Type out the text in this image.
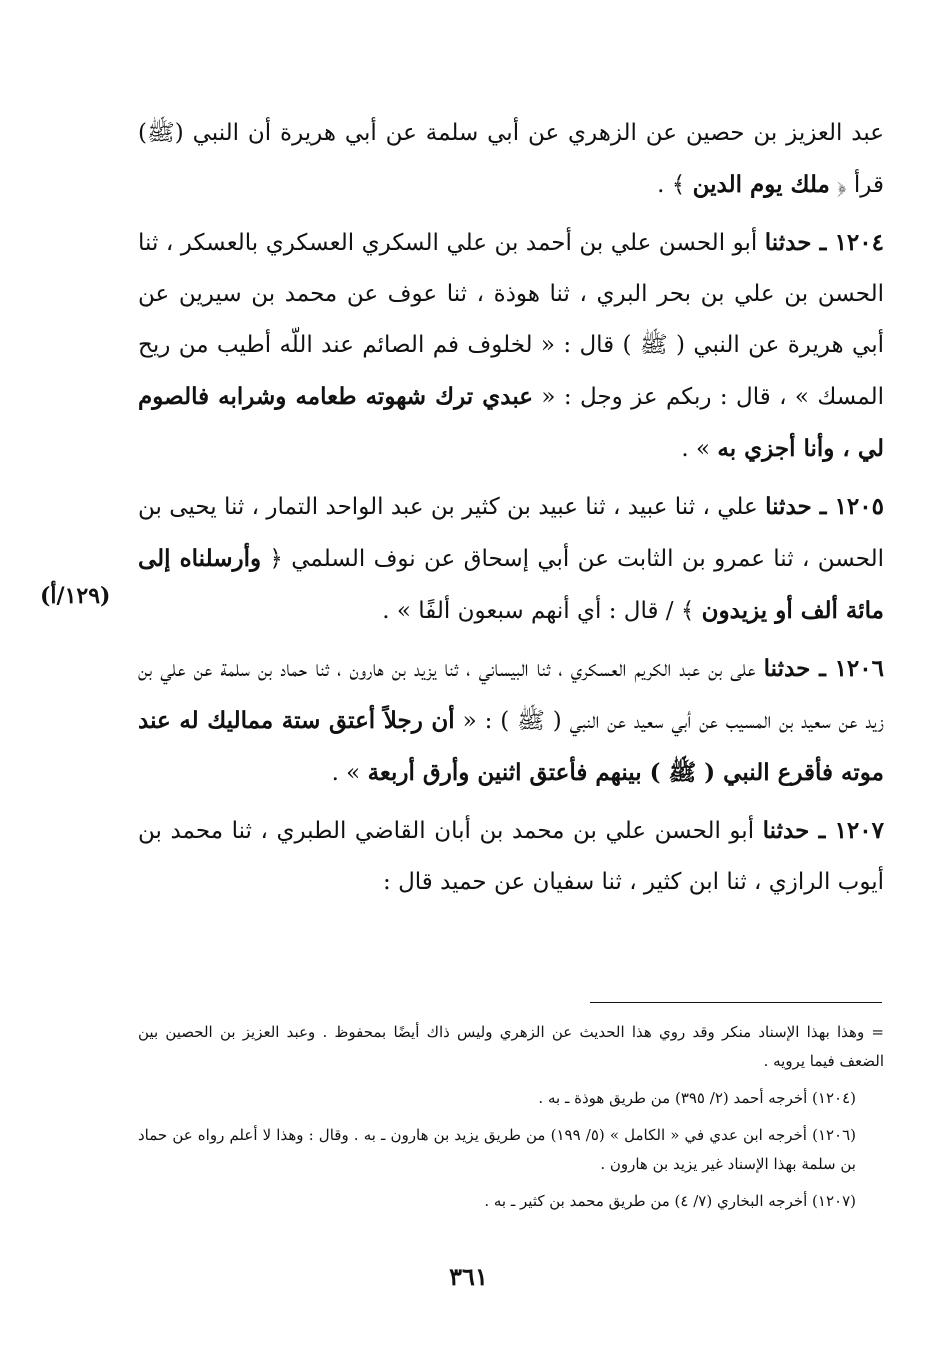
عبد العزيز بن حصين عن الزهري عن أبي سلمة عن أبي هريرة أن النبي (ﷺ) قرأ ﴿ ملك يوم الدين ﴾ .

١٢٠٤ ـ حدثنا أبو الحسن علي بن أحمد بن علي السكري العسكري بالعسكر ، ثنا الحسن بن علي بن بحر البري ، ثنا هوذة ، ثنا عوف عن محمد بن سيرين عن أبي هريرة عن النبي ( ﷺ ) قال : « لخلوف فم الصائم عند اللّه أطيب من ريح المسك » ، قال : ربكم عز وجل : « عبدي ترك شهوته طعامه وشرابه فالصوم لي ، وأنا أجزي به » .

١٢٠٥ ـ حدثنا علي ، ثنا عبيد ، ثنا عبيد بن كثير بن عبد الواحد التمار ، ثنا يحيى بن الحسن ، ثنا عمرو بن الثابت عن أبي إسحاق عن نوف السلمي ﴿ وأرسلناه إلى مائة ألف أو يزيدون ﴾ / قال : أي أنهم سبعون ألفًا » .

١٢٠٦ ـ حدثنا على بن عبد الكريم العسكري ، ثنا البيساني ، ثنا يزيد بن هارون ، ثنا حماد بن سلمة عن علي بن زيد عن سعيد بن المسيب عن أبي سعيد عن النبي ( ﷺ ) : « أن رجلاً أعتق ستة مماليك له عند موته فأقرع النبي ( ﷺ ) بينهم فأعتق اثنين وأرق أربعة » .

١٢٠٧ ـ حدثنا أبو الحسن علي بن محمد بن أبان القاضي الطبري ، ثنا محمد بن أيوب الرازي ، ثنا ابن كثير ، ثنا سفيان عن حميد قال :

(١٢٩/أ)

= وهذا بهذا الإسناد منكر وقد روي هذا الحديث عن الزهري وليس ذاك أيضًا بمحفوظ . وعبد العزيز بن الحصين بين الضعف فيما يرويه .

(١٢٠٤) أخرجه أحمد (٢/ ٣٩٥) من طريق هوذة ـ به .

(١٢٠٦) أخرجه ابن عدي في « الكامل » (٥/ ١٩٩) من طريق يزيد بن هارون ـ به . وقال : وهذا لا أعلم رواه عن حماد بن سلمة بهذا الإسناد غير يزيد بن هارون .

(١٢٠٧) أخرجه البخاري (٧/ ٤) من طريق محمد بن كثير ـ به .

٣٦١
